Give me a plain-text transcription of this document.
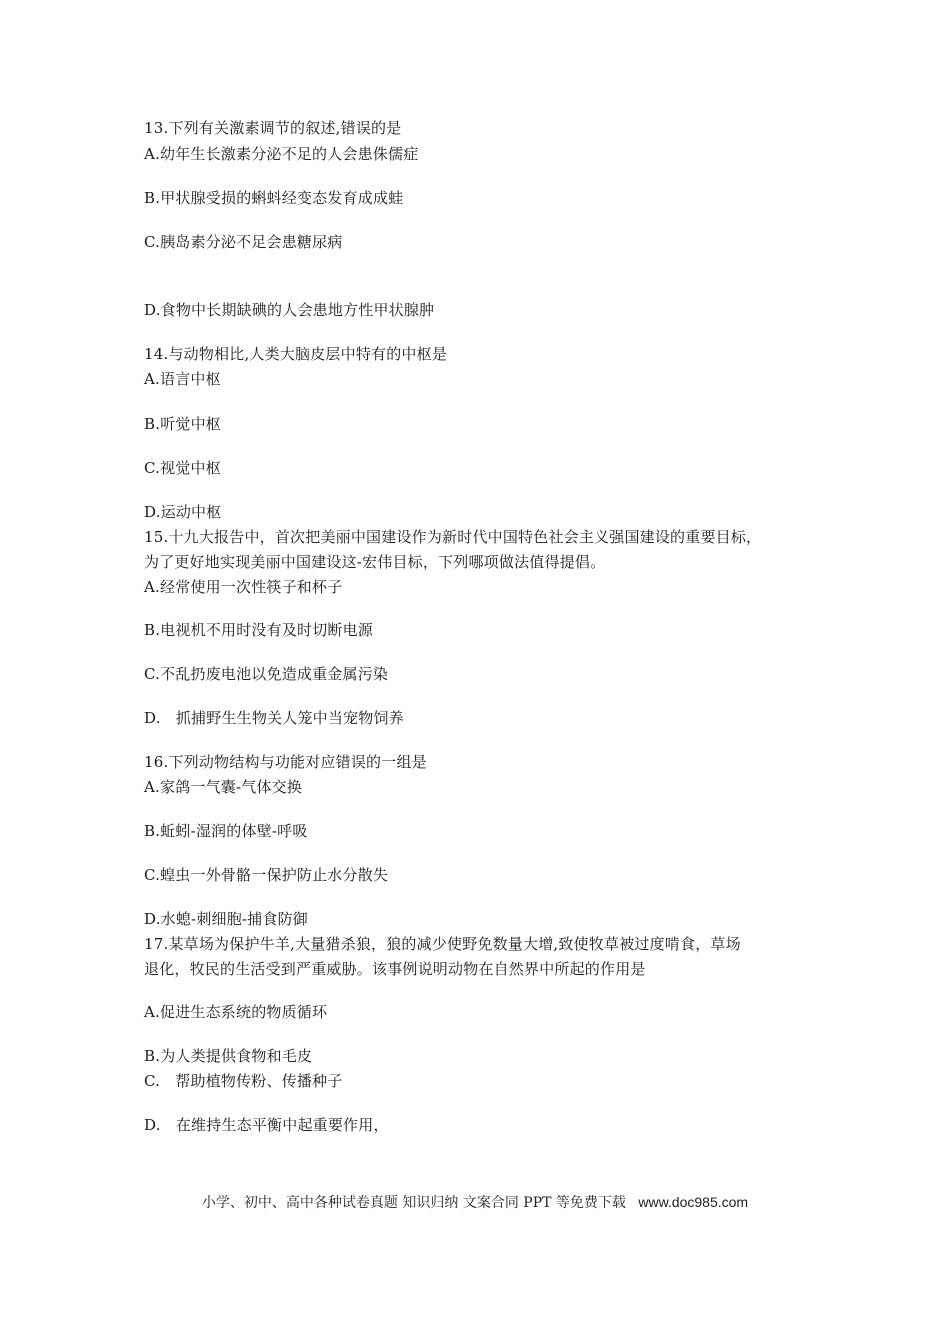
13.下列有关激素调节的叙述,错误的是
A.幼年生长激素分泌不足的人会患侏儒症
B.甲状腺受损的蝌蚪经变态发育成成蛙
C.胰岛素分泌不足会患糖尿病
D.食物中长期缺碘的人会患地方性甲状腺肿
14.与动物相比,人类大脑皮层中特有的中枢是
A.语言中枢
B.听觉中枢
C.视觉中枢
D.运动中枢
15.十九大报告中，首次把美丽中国建设作为新时代中国特色社会主义强国建设的重要目标，
为了更好地实现美丽中国建设这-宏伟目标，下列哪项做法值得提倡。
A.经常使用一次性筷子和杯子
B.电视机不用时没有及时切断电源
C.不乱扔废电池以免造成重金属污染
D.　抓捕野生生物关人笼中当宠物饲养
16.下列动物结构与功能对应错误的一组是
A.家鸽一气囊-气体交换
B.蚯蚓-湿润的体壁-呼吸
C.蝗虫一外骨骼一保护防止水分散失
D.水螅-刺细胞-捕食防御
17.某草场为保护牛羊,大量猎杀狼，狼的减少使野免数量大增,致使牧草被过度啃食，草场
退化，牧民的生活受到严重威胁。该事例说明动物在自然界中所起的作用是
A.促进生态系统的物质循环
B.为人类提供食物和毛皮
C.　帮助植物传粉、传播种子
D.　在维持生态平衡中起重要作用，
小学、初中、高中各种试卷真题 知识归纳 文案合同 PPT 等免费下载 www.doc985.com
